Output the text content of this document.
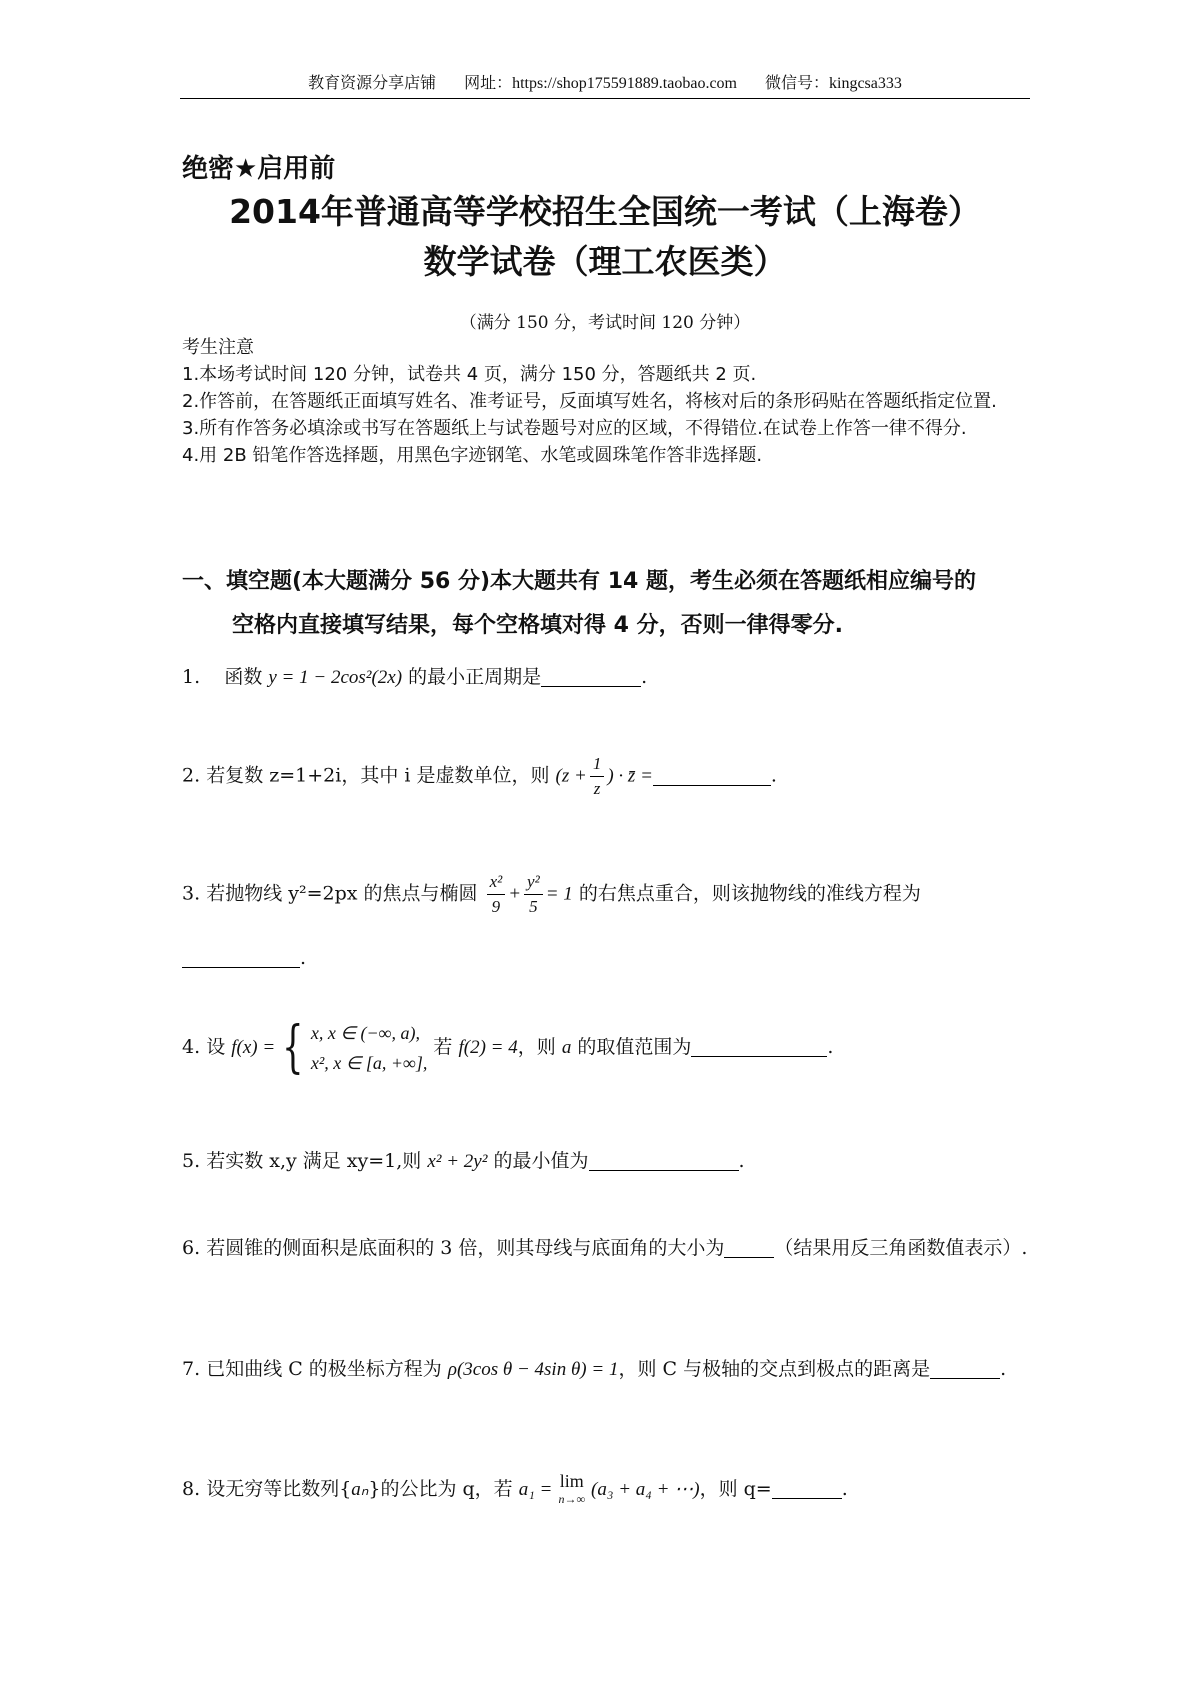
教育资源分享店铺 网址：https://shop175591889.taobao.com 微信号：kingcsa333
绝密★启用前
2014年普通高等学校招生全国统一考试（上海卷）
数学试卷（理工农医类）
（满分 150 分，考试时间 120 分钟）
考生注意
1.本场考试时间 120 分钟，试卷共 4 页，满分 150 分，答题纸共 2 页.
2.作答前，在答题纸正面填写姓名、准考证号，反面填写姓名，将核对后的条形码贴在答题纸指定位置.
3.所有作答务必填涂或书写在答题纸上与试卷题号对应的区域，不得错位.在试卷上作答一律不得分.
4.用 2B 铅笔作答选择题，用黑色字迹钢笔、水笔或圆珠笔作答非选择题.
一、填空题(本大题满分 56 分)本大题共有 14 题，考生必须在答题纸相应编号的
空格内直接填写结果，每个空格填对得 4 分，否则一律得零分.
1. 函数 y = 1 − 2cos²(2x) 的最小正周期是	.
2. 若复数 z=1+2i，其中 i 是虚数单位，则 ($z + \frac{1}{z}$ ) · z̄ =	.
3. 若抛物线 y²=2px 的焦点与椭圆 $\frac{\text{x²}}{9} + \frac{\text{y²}}{5} = 1$ 的右焦点重合，则该抛物线的准线方程为
.
4. 设 f(x) = { x, x ∈ (−∞, a),
x², x ∈ [a, +∞],
若 f(2) = 4，则 a 的取值范围为	.
5. 若实数 x,y 满足 xy=1,则 x² + 2y² 的最小值为	.
6. 若圆锥的侧面积是底面积的 3 倍，则其母线与底面角的大小为	（结果用反三角函数值表示）.
7. 已知曲线 C 的极坐标方程为 ρ(3cos θ − 4sin θ) = 1，则 C 与极轴的交点到极点的距离是	.
8. 设无穷等比数列{aₙ}的公比为 q，若 a₁ = lim
n→∞ (a₃ + a₄ + ⋯)，则 q=	.
